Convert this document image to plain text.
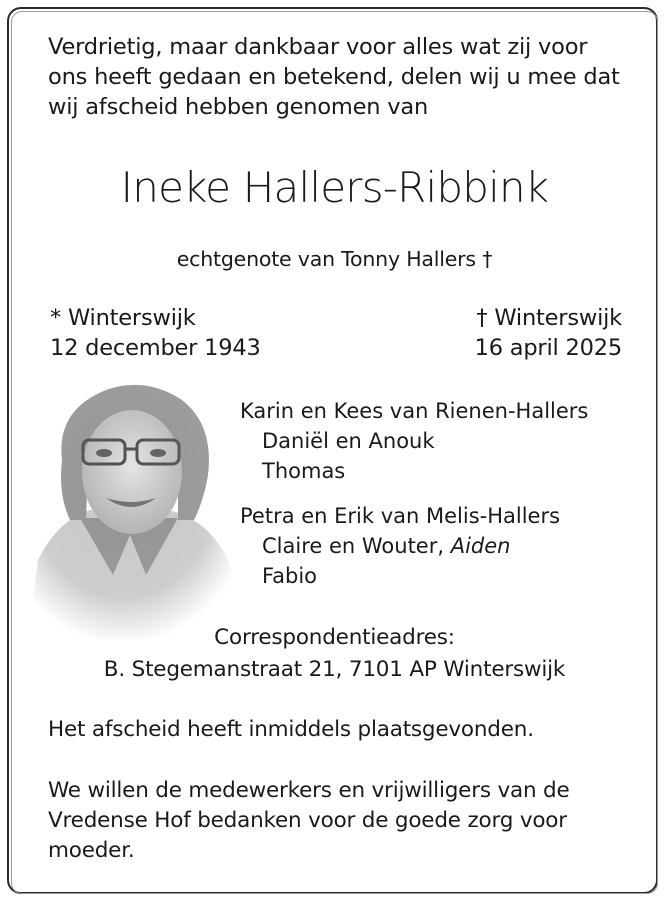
Verdrietig, maar dankbaar voor alles wat zij voor ons heeft gedaan en betekend, delen wij u mee dat wij afscheid hebben genomen van

Ineke Hallers-Ribbink

echtgenote van Tonny Hallers †

* Winterswijk
12 december 1943
† Winterswijk
16 april 2025
Karin en Kees van Rienen-Hallers
Daniël en Anouk
Thomas
Petra en Erik van Melis-Hallers
Claire en Wouter, Aiden
Fabio

Correspondentieadres:

B. Stegemanstraat 21, 7101 AP Winterswijk

Het afscheid heeft inmiddels plaatsgevonden.

We willen de medewerkers en vrijwilligers van de Vredense Hof bedanken voor de goede zorg voor moeder.
